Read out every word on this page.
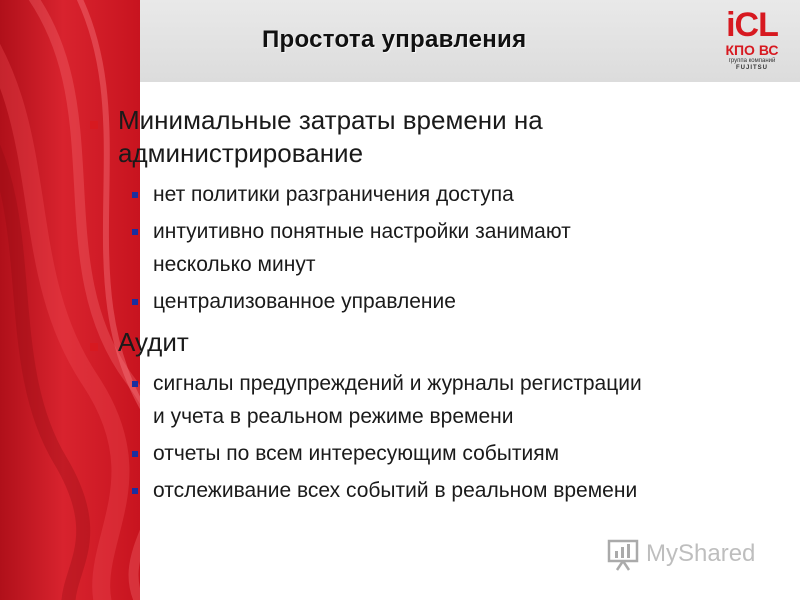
Простота управления	iCL
КПО ВС
группа компаний
FUJITSU
Минимальные затраты времени на
администрирование
нет политики разграничения доступа
интуитивно понятные настройки занимают
несколько минут
централизованное управление
Аудит
сигналы предупреждений и журналы регистрации
и учета в реальном режиме времени
отчеты по всем интересующим событиям
отслеживание всех событий в реальном времени
MyShared
